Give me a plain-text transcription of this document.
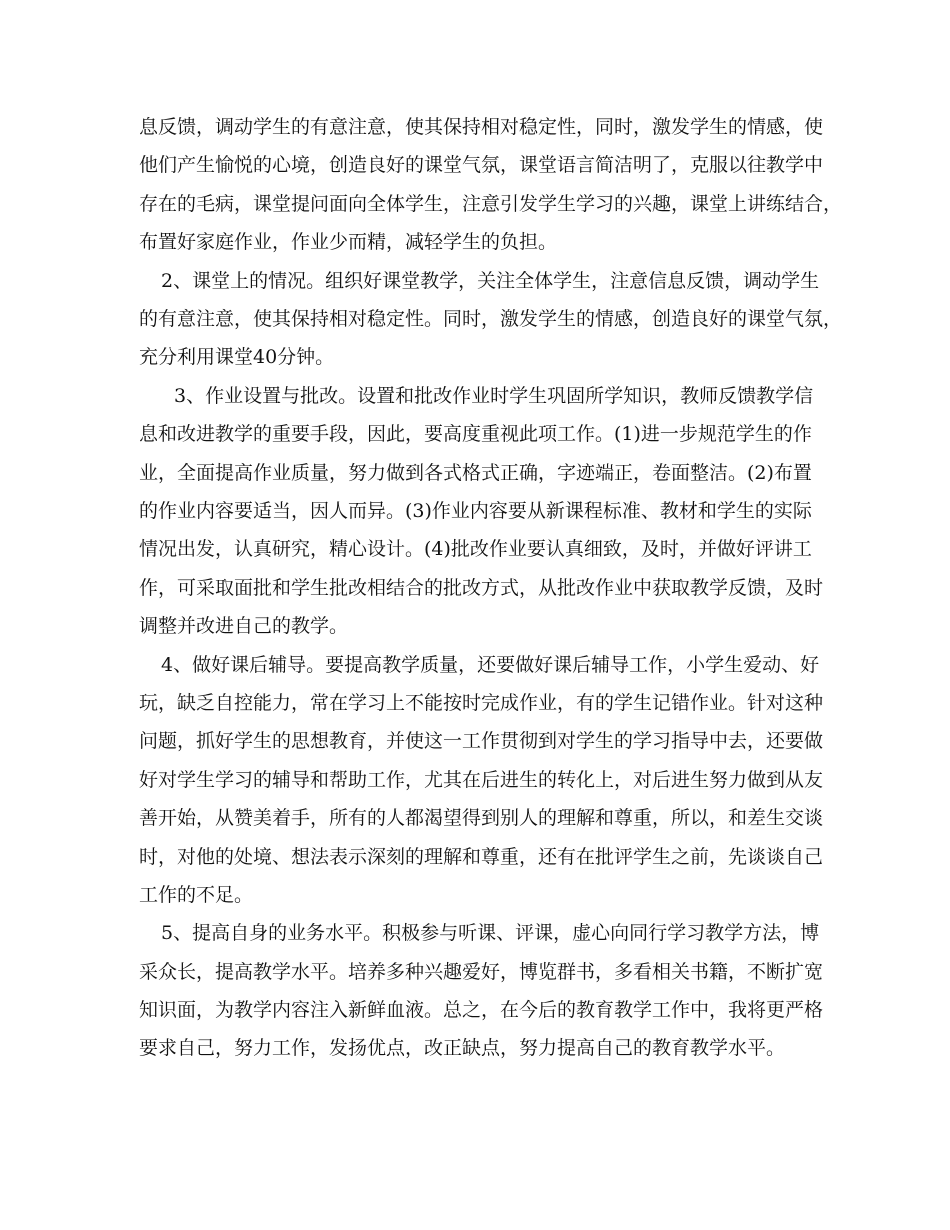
息反馈，调动学生的有意注意，使其保持相对稳定性，同时，激发学生的情感，使
他们产生愉悦的心境，创造良好的课堂气氛，课堂语言简洁明了，克服以往教学中
存在的毛病，课堂提问面向全体学生，注意引发学生学习的兴趣，课堂上讲练结合，
布置好家庭作业，作业少而精，减轻学生的负担。
2、课堂上的情况。组织好课堂教学，关注全体学生，注意信息反馈，调动学生
的有意注意，使其保持相对稳定性。同时，激发学生的情感，创造良好的课堂气氛，
充分利用课堂40分钟。
3、作业设置与批改。设置和批改作业时学生巩固所学知识，教师反馈教学信
息和改进教学的重要手段，因此，要高度重视此项工作。(1)进一步规范学生的作
业，全面提高作业质量，努力做到各式格式正确，字迹端正，卷面整洁。(2)布置
的作业内容要适当，因人而异。(3)作业内容要从新课程标准、教材和学生的实际
情况出发，认真研究，精心设计。(4)批改作业要认真细致，及时，并做好评讲工
作，可采取面批和学生批改相结合的批改方式，从批改作业中获取教学反馈，及时
调整并改进自己的教学。
4、做好课后辅导。要提高教学质量，还要做好课后辅导工作，小学生爱动、好
玩，缺乏自控能力，常在学习上不能按时完成作业，有的学生记错作业。针对这种
问题，抓好学生的思想教育，并使这一工作贯彻到对学生的学习指导中去，还要做
好对学生学习的辅导和帮助工作，尤其在后进生的转化上，对后进生努力做到从友
善开始，从赞美着手，所有的人都渴望得到别人的理解和尊重，所以，和差生交谈
时，对他的处境、想法表示深刻的理解和尊重，还有在批评学生之前，先谈谈自己
工作的不足。
5、提高自身的业务水平。积极参与听课、评课，虚心向同行学习教学方法，博
采众长，提高教学水平。培养多种兴趣爱好，博览群书，多看相关书籍，不断扩宽
知识面，为教学内容注入新鲜血液。总之，在今后的教育教学工作中，我将更严格
要求自己，努力工作，发扬优点，改正缺点，努力提高自己的教育教学水平。
